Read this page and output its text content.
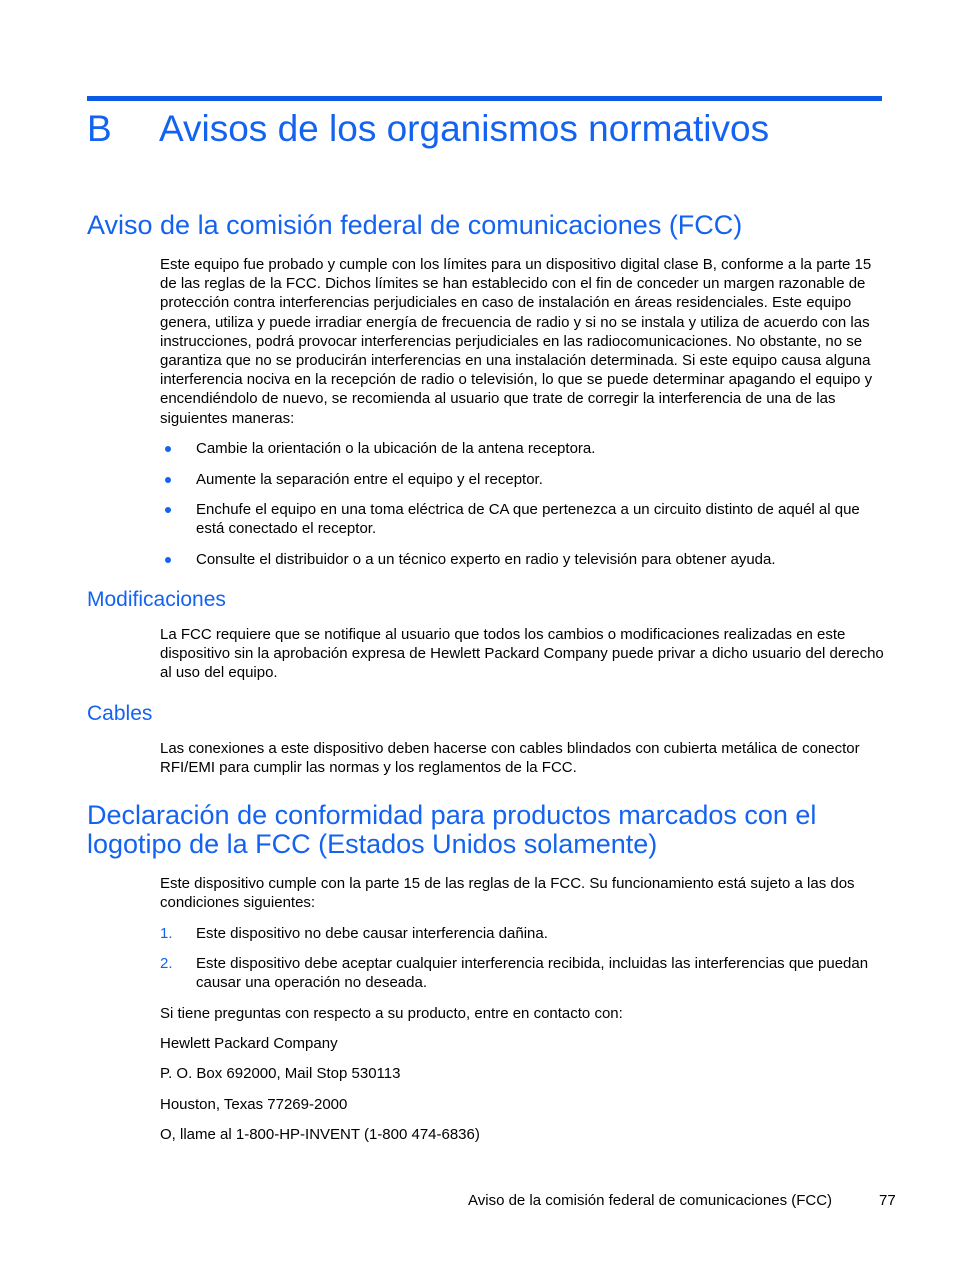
B Avisos de los organismos normativos
Aviso de la comisión federal de comunicaciones (FCC)

Este equipo fue probado y cumple con los límites para un dispositivo digital clase B, conforme a la parte 15 de las reglas de la FCC. Dichos límites se han establecido con el fin de conceder un margen razonable de protección contra interferencias perjudiciales en caso de instalación en áreas residenciales. Este equipo genera, utiliza y puede irradiar energía de frecuencia de radio y si no se instala y utiliza de acuerdo con las instrucciones, podrá provocar interferencias perjudiciales en las radiocomunicaciones. No obstante, no se garantiza que no se producirán interferencias en una instalación determinada. Si este equipo causa alguna interferencia nociva en la recepción de radio o televisión, lo que se puede determinar apagando el equipo y encendiéndolo de nuevo, se recomienda al usuario que trate de corregir la interferencia de una de las siguientes maneras:

Cambie la orientación o la ubicación de la antena receptora.
Aumente la separación entre el equipo y el receptor.
Enchufe el equipo en una toma eléctrica de CA que pertenezca a un circuito distinto de aquél al que está conectado el receptor.
Consulte el distribuidor o a un técnico experto en radio y televisión para obtener ayuda.
Modificaciones

La FCC requiere que se notifique al usuario que todos los cambios o modificaciones realizadas en este dispositivo sin la aprobación expresa de Hewlett Packard Company puede privar a dicho usuario del derecho al uso del equipo.

Cables

Las conexiones a este dispositivo deben hacerse con cables blindados con cubierta metálica de conector RFI/EMI para cumplir las normas y los reglamentos de la FCC.

Declaración de conformidad para productos marcados con el
logotipo de la FCC (Estados Unidos solamente)

Este dispositivo cumple con la parte 15 de las reglas de la FCC. Su funcionamiento está sujeto a las dos condiciones siguientes:

1. Este dispositivo no debe causar interferencia dañina.
2. Este dispositivo debe aceptar cualquier interferencia recibida, incluidas las interferencias que puedan causar una operación no deseada.
Si tiene preguntas con respecto a su producto, entre en contacto con:
Hewlett Packard Company
P. O. Box 692000, Mail Stop 530113
Houston, Texas 77269-2000
O, llame al 1-800-HP-INVENT (1-800 474-6836)
Aviso de la comisión federal de comunicaciones (FCC)	77
